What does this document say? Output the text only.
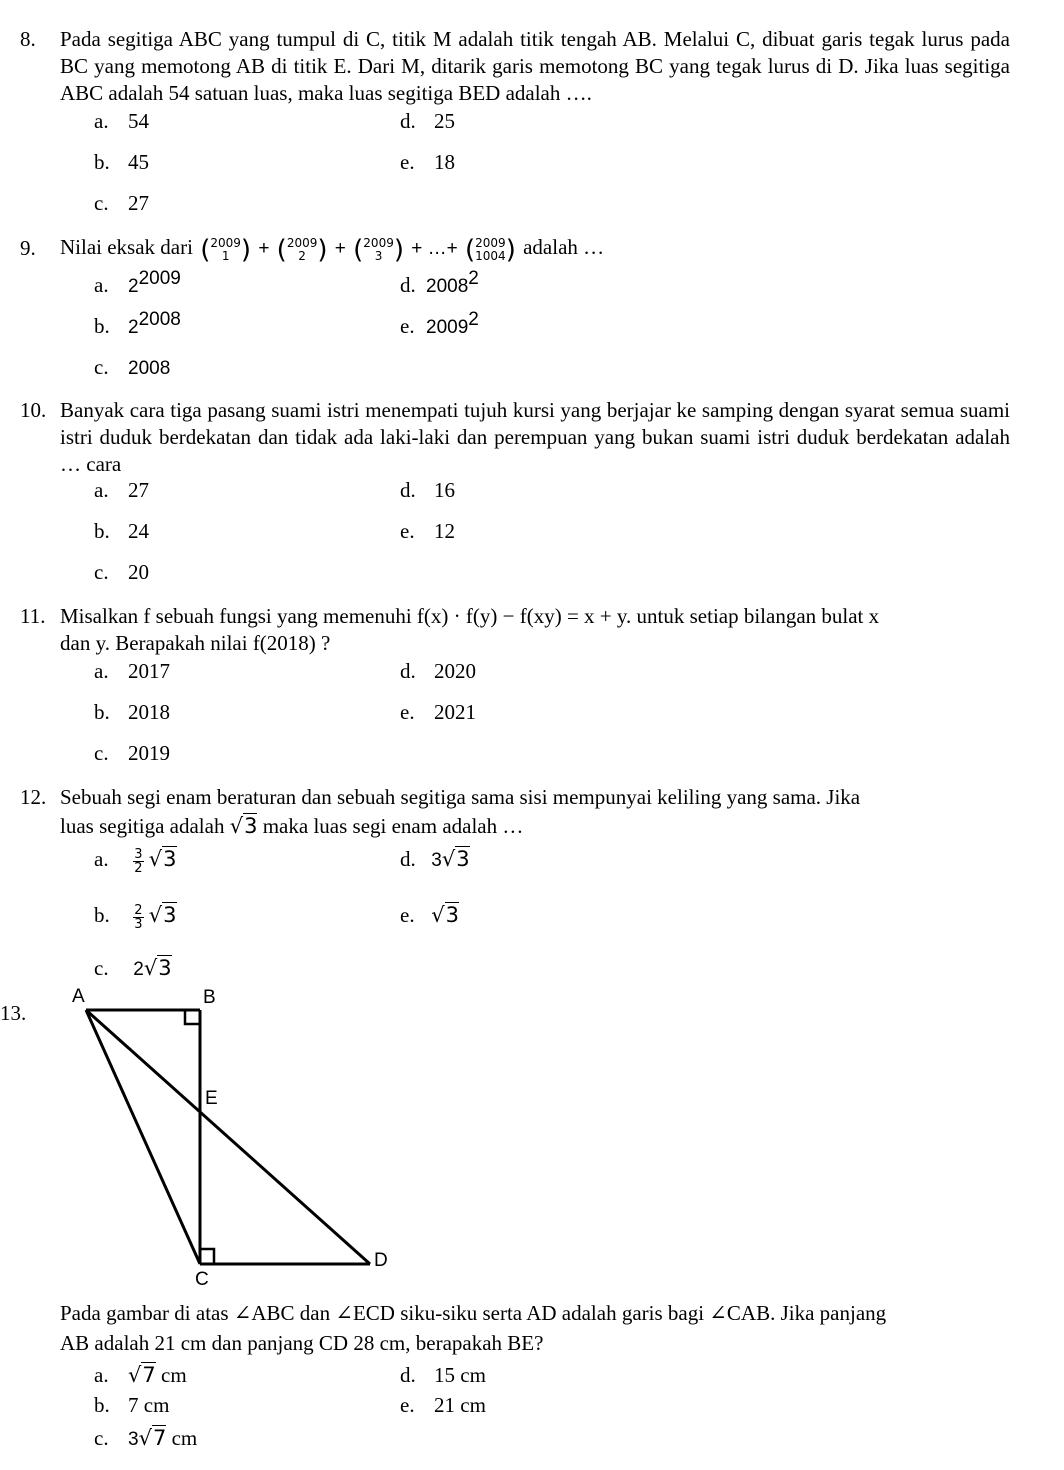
8. Pada segitiga ABC yang tumpul di C, titik M adalah titik tengah AB. Melalui C, dibuat garis tegak lurus pada BC yang memotong AB di titik E. Dari M, ditarik garis memotong BC yang tegak lurus di D. Jika luas segitiga ABC adalah 54 satuan luas, maka luas segitiga BED adalah ….
a. 54
b. 45
c. 27
d. 25
e. 18
9. Nilai eksak dari (2009
1 ) + (2009
2 ) + (2009
3 ) + …+ (2009
1004) adalah …
a. $2^{2009}$
b. $2^{2008}$
c. 2008
d. 2008$^2$
e. 2009$^2$
10. Banyak cara tiga pasang suami istri menempati tujuh kursi yang berjajar ke samping dengan syarat semua suami istri duduk berdekatan dan tidak ada laki-laki dan perempuan yang bukan suami istri duduk berdekatan adalah … cara
a. 27
b. 24
c. 20
d. 16
e. 12
11. Misalkan f sebuah fungsi yang memenuhi f(x) · f(y) − f(xy) = x + y. untuk setiap bilangan bulat x
dan y. Berapakah nilai f(2018) ?
a. 2017
b. 2018
c. 2019
d. 2020
e. 2021
12. Sebuah segi enam beraturan dan sebuah segitiga sama sisi mempunyai keliling yang sama. Jika
luas segitiga adalah √3 maka luas segi enam adalah …
a. $\frac{3}{2} √3$
b. $\frac{2}{3} √3$
c. 2√3
d. 3√3
e. √3
13.
A	B
E
C
D
Pada gambar di atas ∠ABC dan ∠ECD siku-siku serta AD adalah garis bagi ∠CAB. Jika panjang
AB adalah 21 cm dan panjang CD 28 cm, berapakah BE?
a. √7 cm
b. 7 cm
c. 3√7 cm
d. 15 cm
e. 21 cm
